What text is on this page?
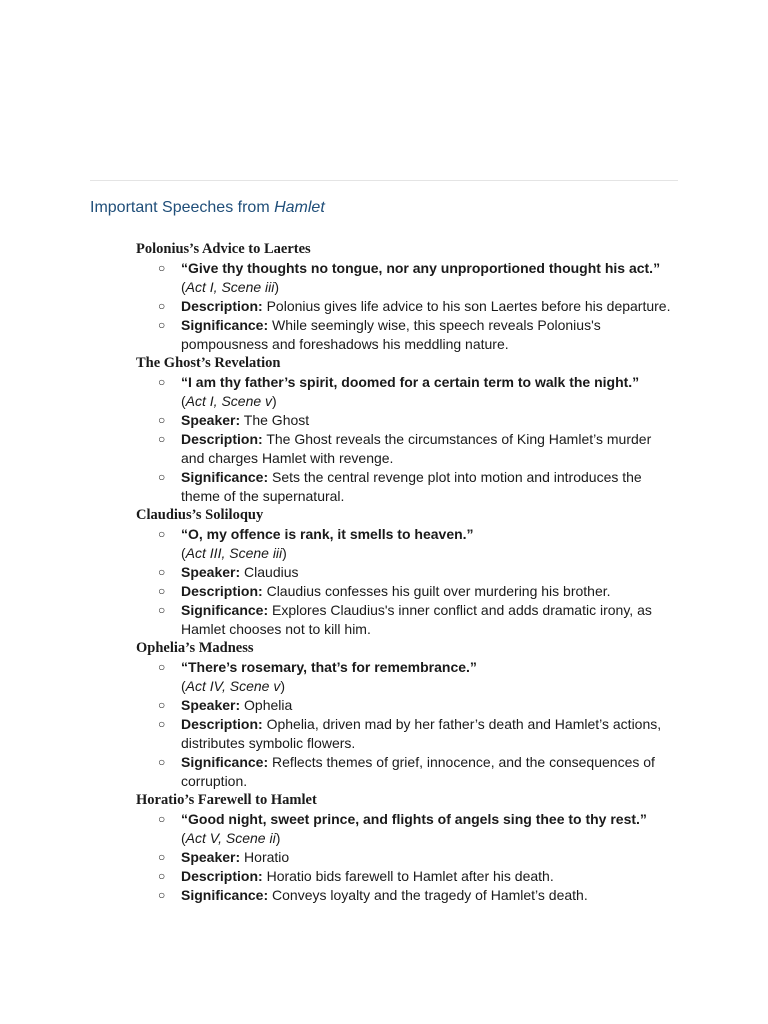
Important Speeches from Hamlet
Polonius’s Advice to Laertes
○ “Give thy thoughts no tongue, nor any unproportioned thought his act.”
(Act I, Scene iii)
○ Description: Polonius gives life advice to his son Laertes before his departure.
○ Significance: While seemingly wise, this speech reveals Polonius's pompousness and foreshadows his meddling nature.
The Ghost’s Revelation
○ “I am thy father’s spirit, doomed for a certain term to walk the night.”
(Act I, Scene v)
○ Speaker: The Ghost
○ Description: The Ghost reveals the circumstances of King Hamlet’s murder and charges Hamlet with revenge.
○ Significance: Sets the central revenge plot into motion and introduces the theme of the supernatural.
Claudius’s Soliloquy
○ “O, my offence is rank, it smells to heaven.”
(Act III, Scene iii)
○ Speaker: Claudius
○ Description: Claudius confesses his guilt over murdering his brother.
○ Significance: Explores Claudius's inner conflict and adds dramatic irony, as Hamlet chooses not to kill him.
Ophelia’s Madness
○ “There’s rosemary, that’s for remembrance.”
(Act IV, Scene v)
○ Speaker: Ophelia
○ Description: Ophelia, driven mad by her father’s death and Hamlet’s actions, distributes symbolic flowers.
○ Significance: Reflects themes of grief, innocence, and the consequences of corruption.
Horatio’s Farewell to Hamlet
○ “Good night, sweet prince, and flights of angels sing thee to thy rest.”
(Act V, Scene ii)
○ Speaker: Horatio
○ Description: Horatio bids farewell to Hamlet after his death.
○ Significance: Conveys loyalty and the tragedy of Hamlet’s death.
